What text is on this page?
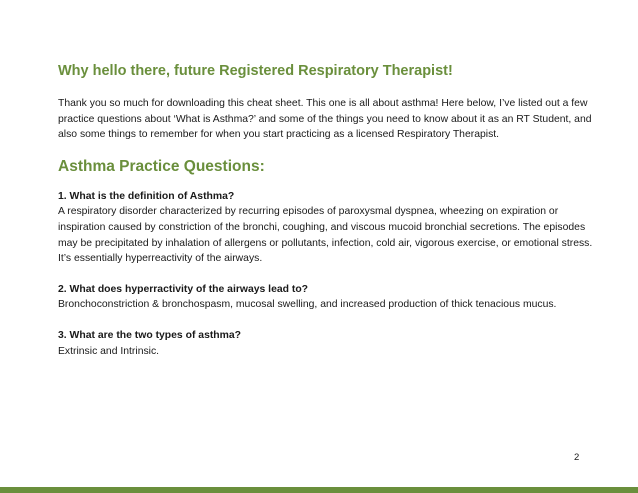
Why hello there, future Registered Respiratory Therapist!

Thank you so much for downloading this cheat sheet. This one is all about asthma! Here below, I’ve listed out a few practice questions about ‘What is Asthma?’ and some of the things you need to know about it as an RT Student, and also some things to remember for when you start practicing as a licensed Respiratory Therapist.

Asthma Practice Questions:

1. What is the definition of Asthma?

A respiratory disorder characterized by recurring episodes of paroxysmal dyspnea, wheezing on expiration or inspiration caused by constriction of the bronchi, coughing, and viscous mucoid bronchial secretions. The episodes may be precipitated by inhalation of allergens or pollutants, infection, cold air, vigorous exercise, or emotional stress. It’s essentially hyperreactivity of the airways.

2. What does hyperractivity of the airways lead to?

Bronchoconstriction & bronchospasm, mucosal swelling, and increased production of thick tenacious mucus.

3. What are the two types of asthma?

Extrinsic and Intrinsic.

2
